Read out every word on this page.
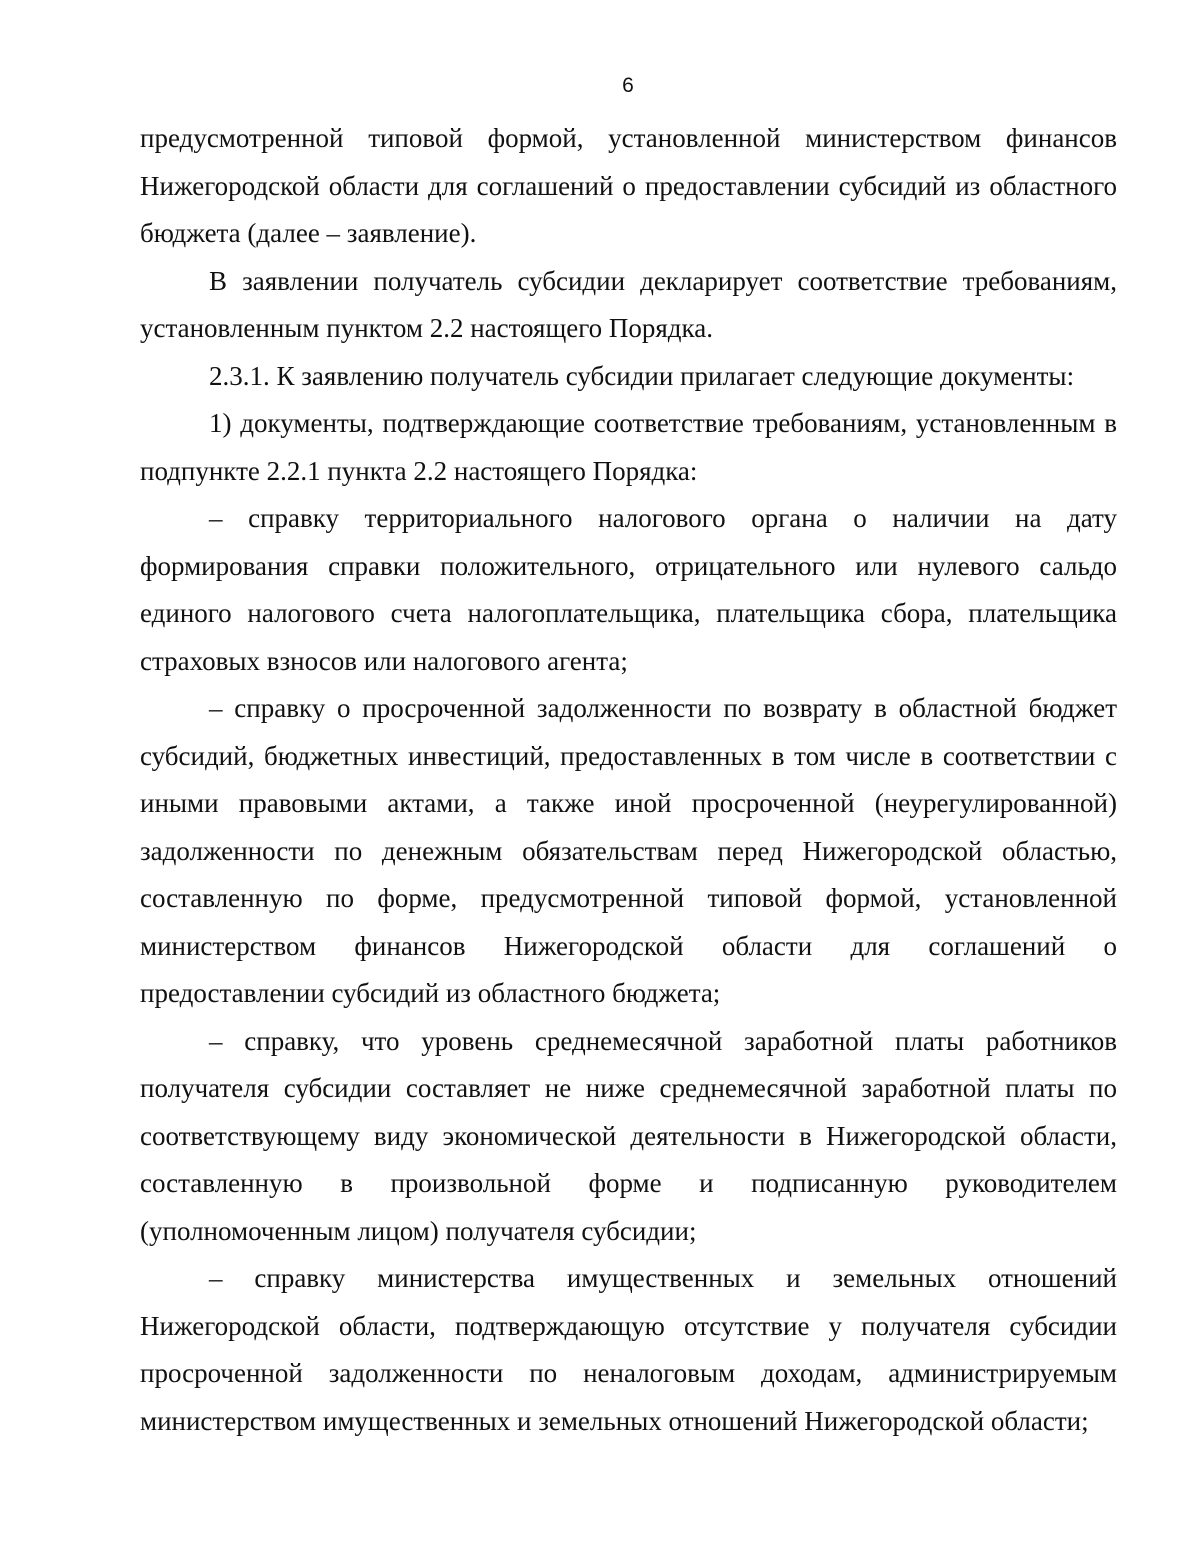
6

предусмотренной типовой формой, установленной министерством финансов Нижегородской области для соглашений о предоставлении субсидий из областного бюджета (далее – заявление).

В заявлении получатель субсидии декларирует соответствие требованиям, установленным пунктом 2.2 настоящего Порядка.

2.3.1. К заявлению получатель субсидии прилагает следующие документы:

1) документы, подтверждающие соответствие требованиям, установленным в подпункте 2.2.1 пункта 2.2 настоящего Порядка:

– справку территориального налогового органа о наличии на дату формирования справки положительного, отрицательного или нулевого сальдо единого налогового счета налогоплательщика, плательщика сбора, плательщика страховых взносов или налогового агента;

– справку о просроченной задолженности по возврату в областной бюджет субсидий, бюджетных инвестиций, предоставленных в том числе в соответствии с иными правовыми актами, а также иной просроченной (неурегулированной) задолженности по денежным обязательствам перед Нижегородской областью, составленную по форме, предусмотренной типовой формой, установленной министерством финансов Нижегородской области для соглашений о предоставлении субсидий из областного бюджета;

– справку, что уровень среднемесячной заработной платы работников получателя субсидии составляет не ниже среднемесячной заработной платы по соответствующему виду экономической деятельности в Нижегородской области, составленную в произвольной форме и подписанную руководителем (уполномоченным лицом) получателя субсидии;

– справку министерства имущественных и земельных отношений Нижегородской области, подтверждающую отсутствие у получателя субсидии просроченной задолженности по неналоговым доходам, администрируемым министерством имущественных и земельных отношений Нижегородской области;
